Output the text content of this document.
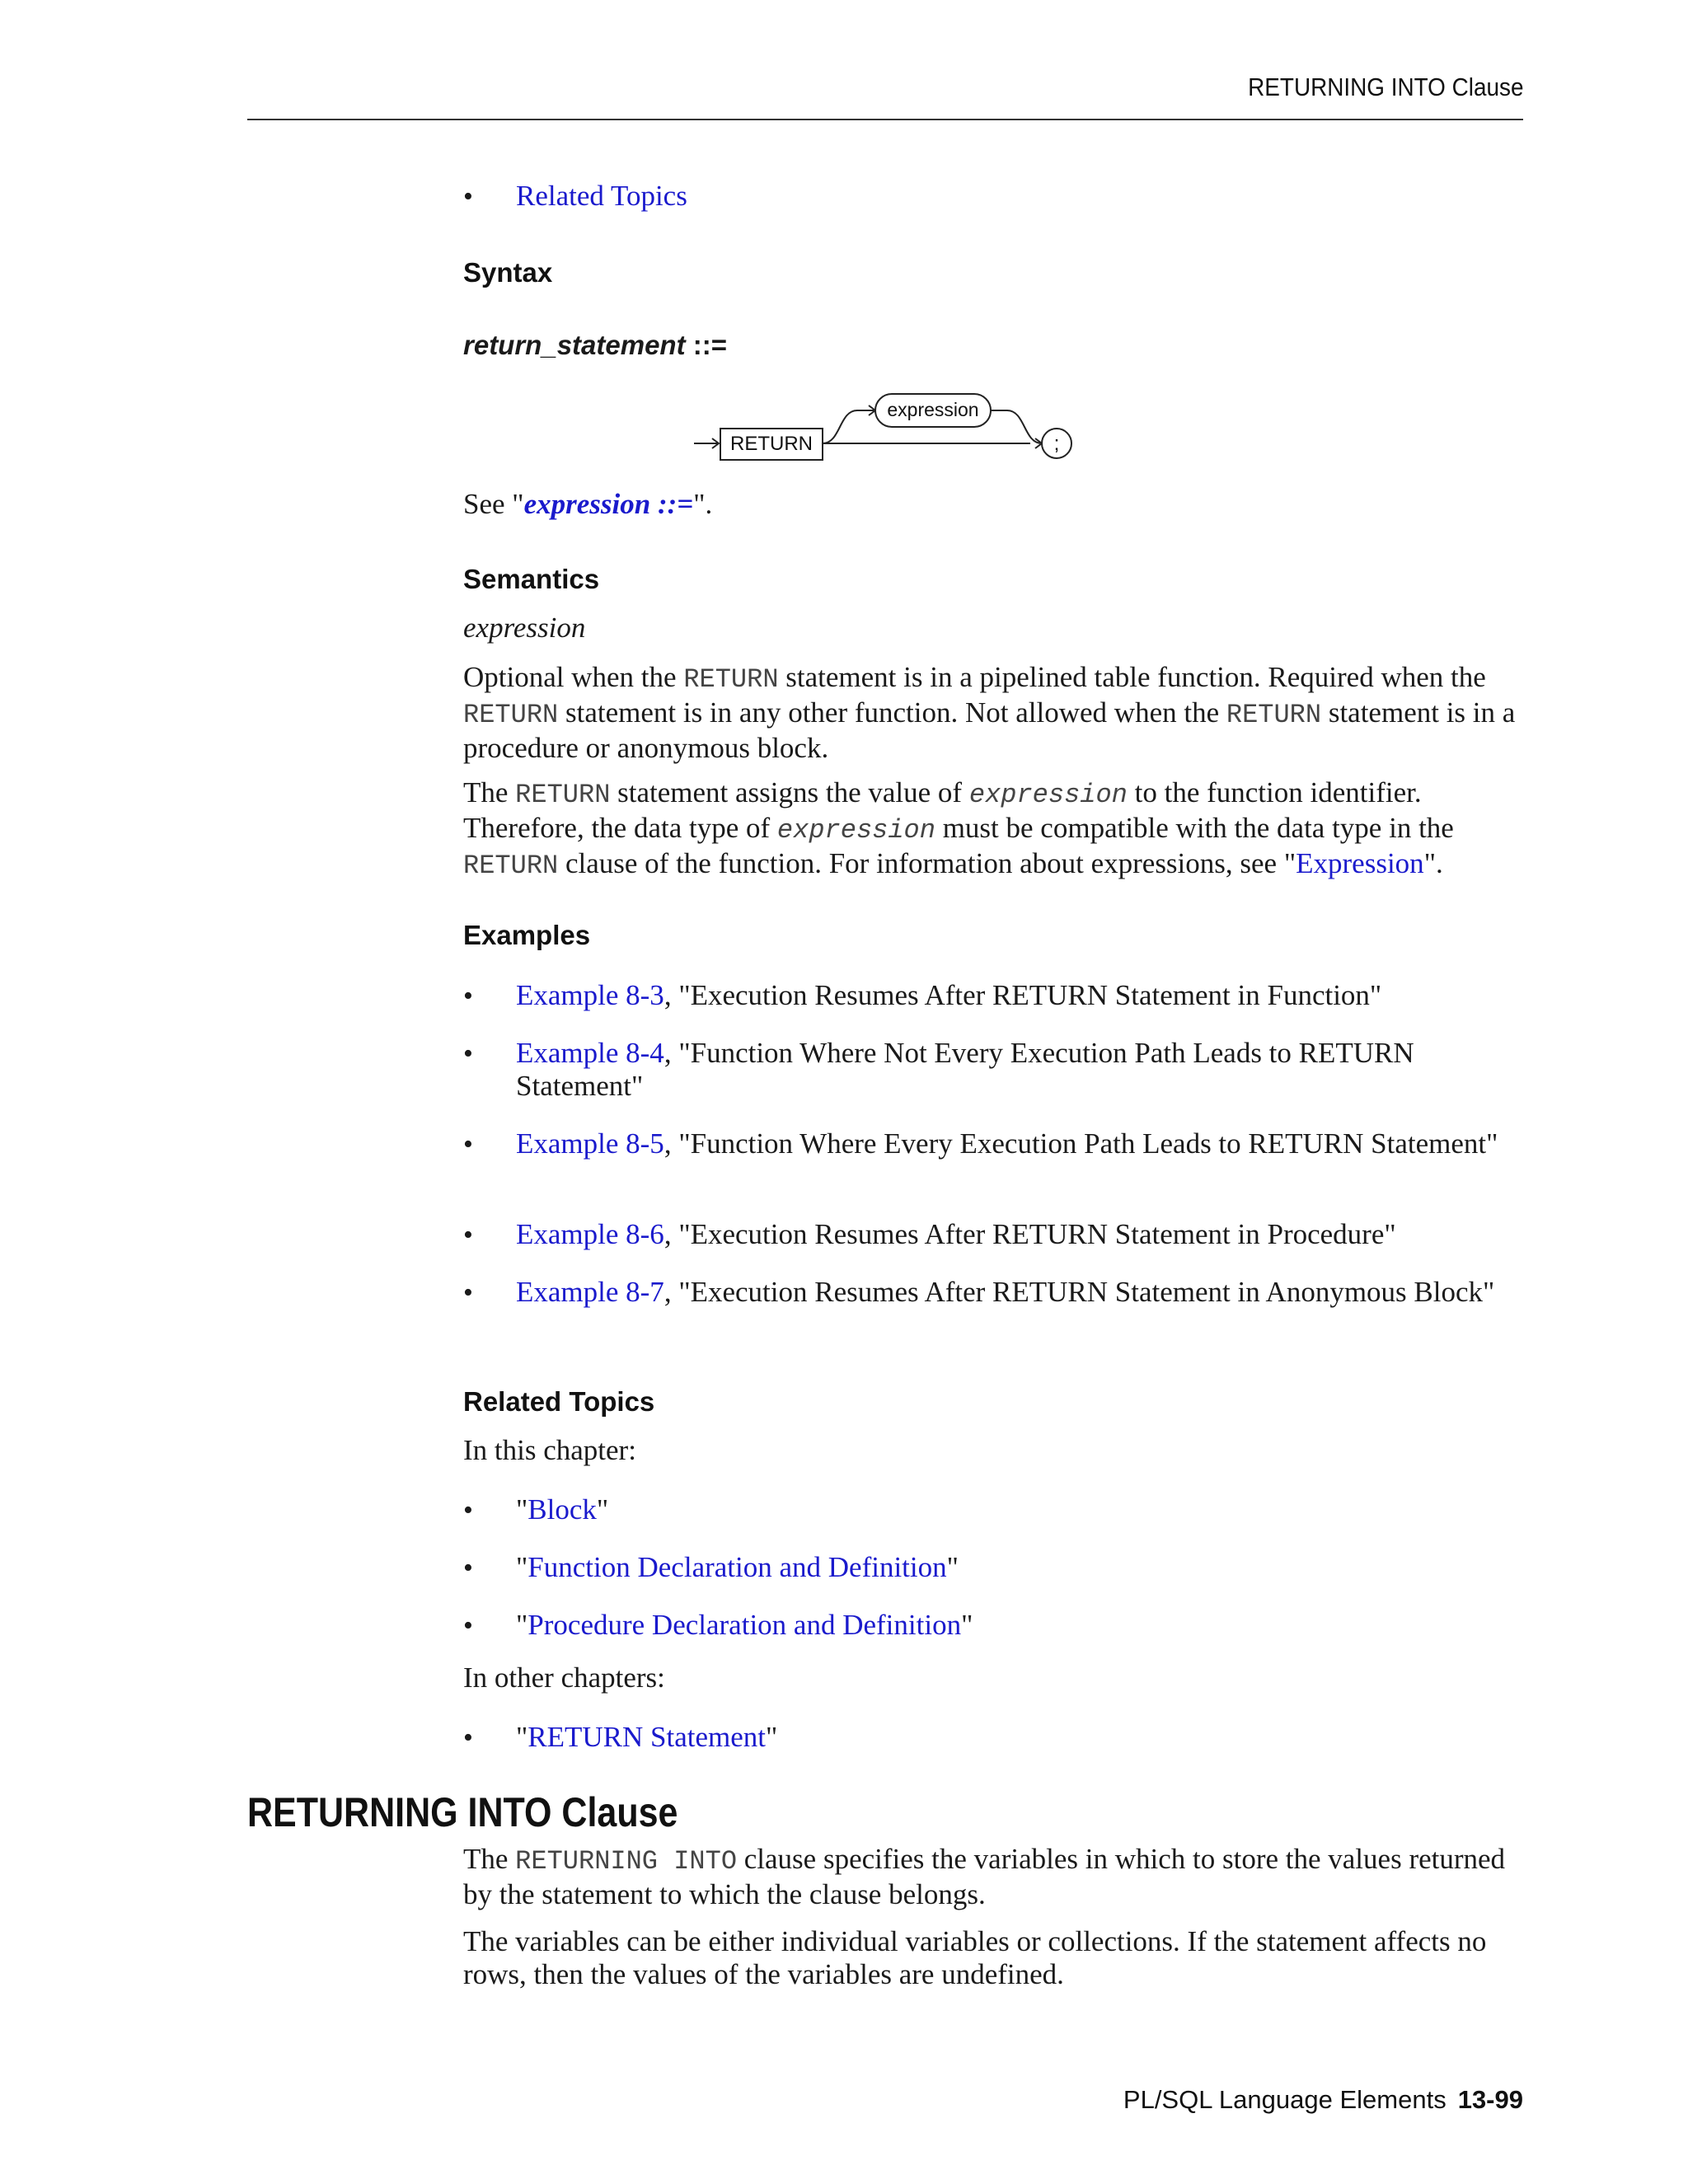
RETURNING INTO Clause
•
Related Topics
Syntax
return_statement ::=
RETURN
expression
;

See "expression ::=".

Semantics
expression

Optional when the RETURN statement is in a pipelined table function. Required when the RETURN statement is in any other function. Not allowed when the RETURN statement is in a procedure or anonymous block.

The RETURN statement assigns the value of expression to the function identifier. Therefore, the data type of expression must be compatible with the data type in the RETURN clause of the function. For information about expressions, see "Expression".

Examples
•
Example 8-3, "Execution Resumes After RETURN Statement in Function"
•
Example 8-4, "Function Where Not Every Execution Path Leads to RETURN Statement"
•
Example 8-5, "Function Where Every Execution Path Leads to RETURN Statement"
•
Example 8-6, "Execution Resumes After RETURN Statement in Procedure"
•
Example 8-7, "Execution Resumes After RETURN Statement in Anonymous Block"
Related Topics

In this chapter:

•
"Block"
•
"Function Declaration and Definition"
•
"Procedure Declaration and Definition"

In other chapters:

•
"RETURN Statement"
RETURNING INTO Clause

The RETURNING INTO clause specifies the variables in which to store the values returned by the statement to which the clause belongs.

The variables can be either individual variables or collections. If the statement affects no rows, then the values of the variables are undefined.

PL/SQL Language Elements 13-99
